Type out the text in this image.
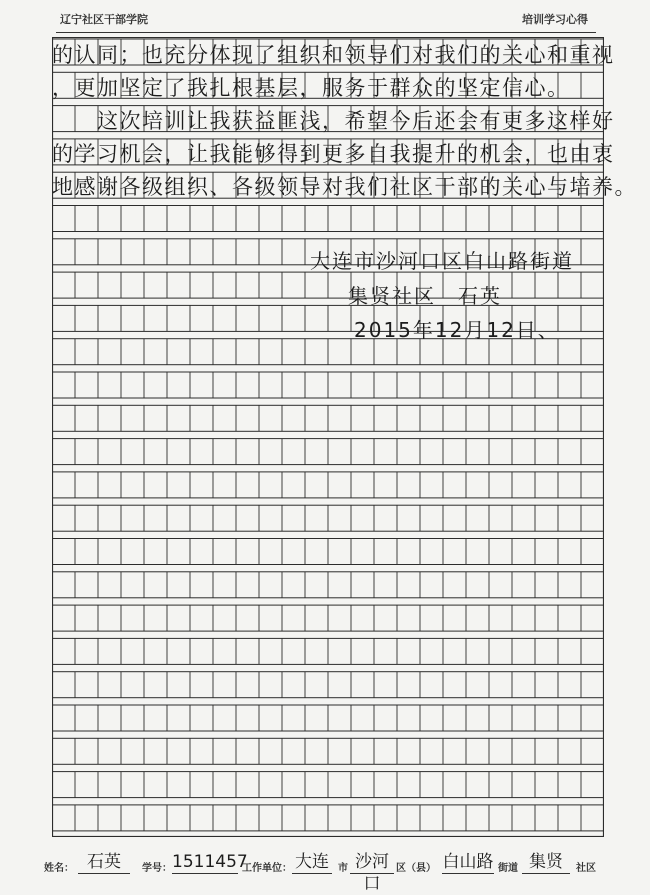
辽宁社区干部学院	培训学习心得
的认同；也充分体现了组织和领导们对我们的关心和重视
，更加坚定了我扎根基层，服务于群众的坚定信心。
　　这次培训让我获益匪浅，希望今后还会有更多这样好
的学习机会，让我能够得到更多自我提升的机会，也由衷
地感谢各级组织、各级领导对我们社区干部的关心与培养。
大连市沙河口区白山路街道
集贤社区　石英
2015年12月12日、
姓名： 石英	学号： 1511457
工作单位： 大连 市 沙河口
区（县） 白山路 街道 集贤	社区
